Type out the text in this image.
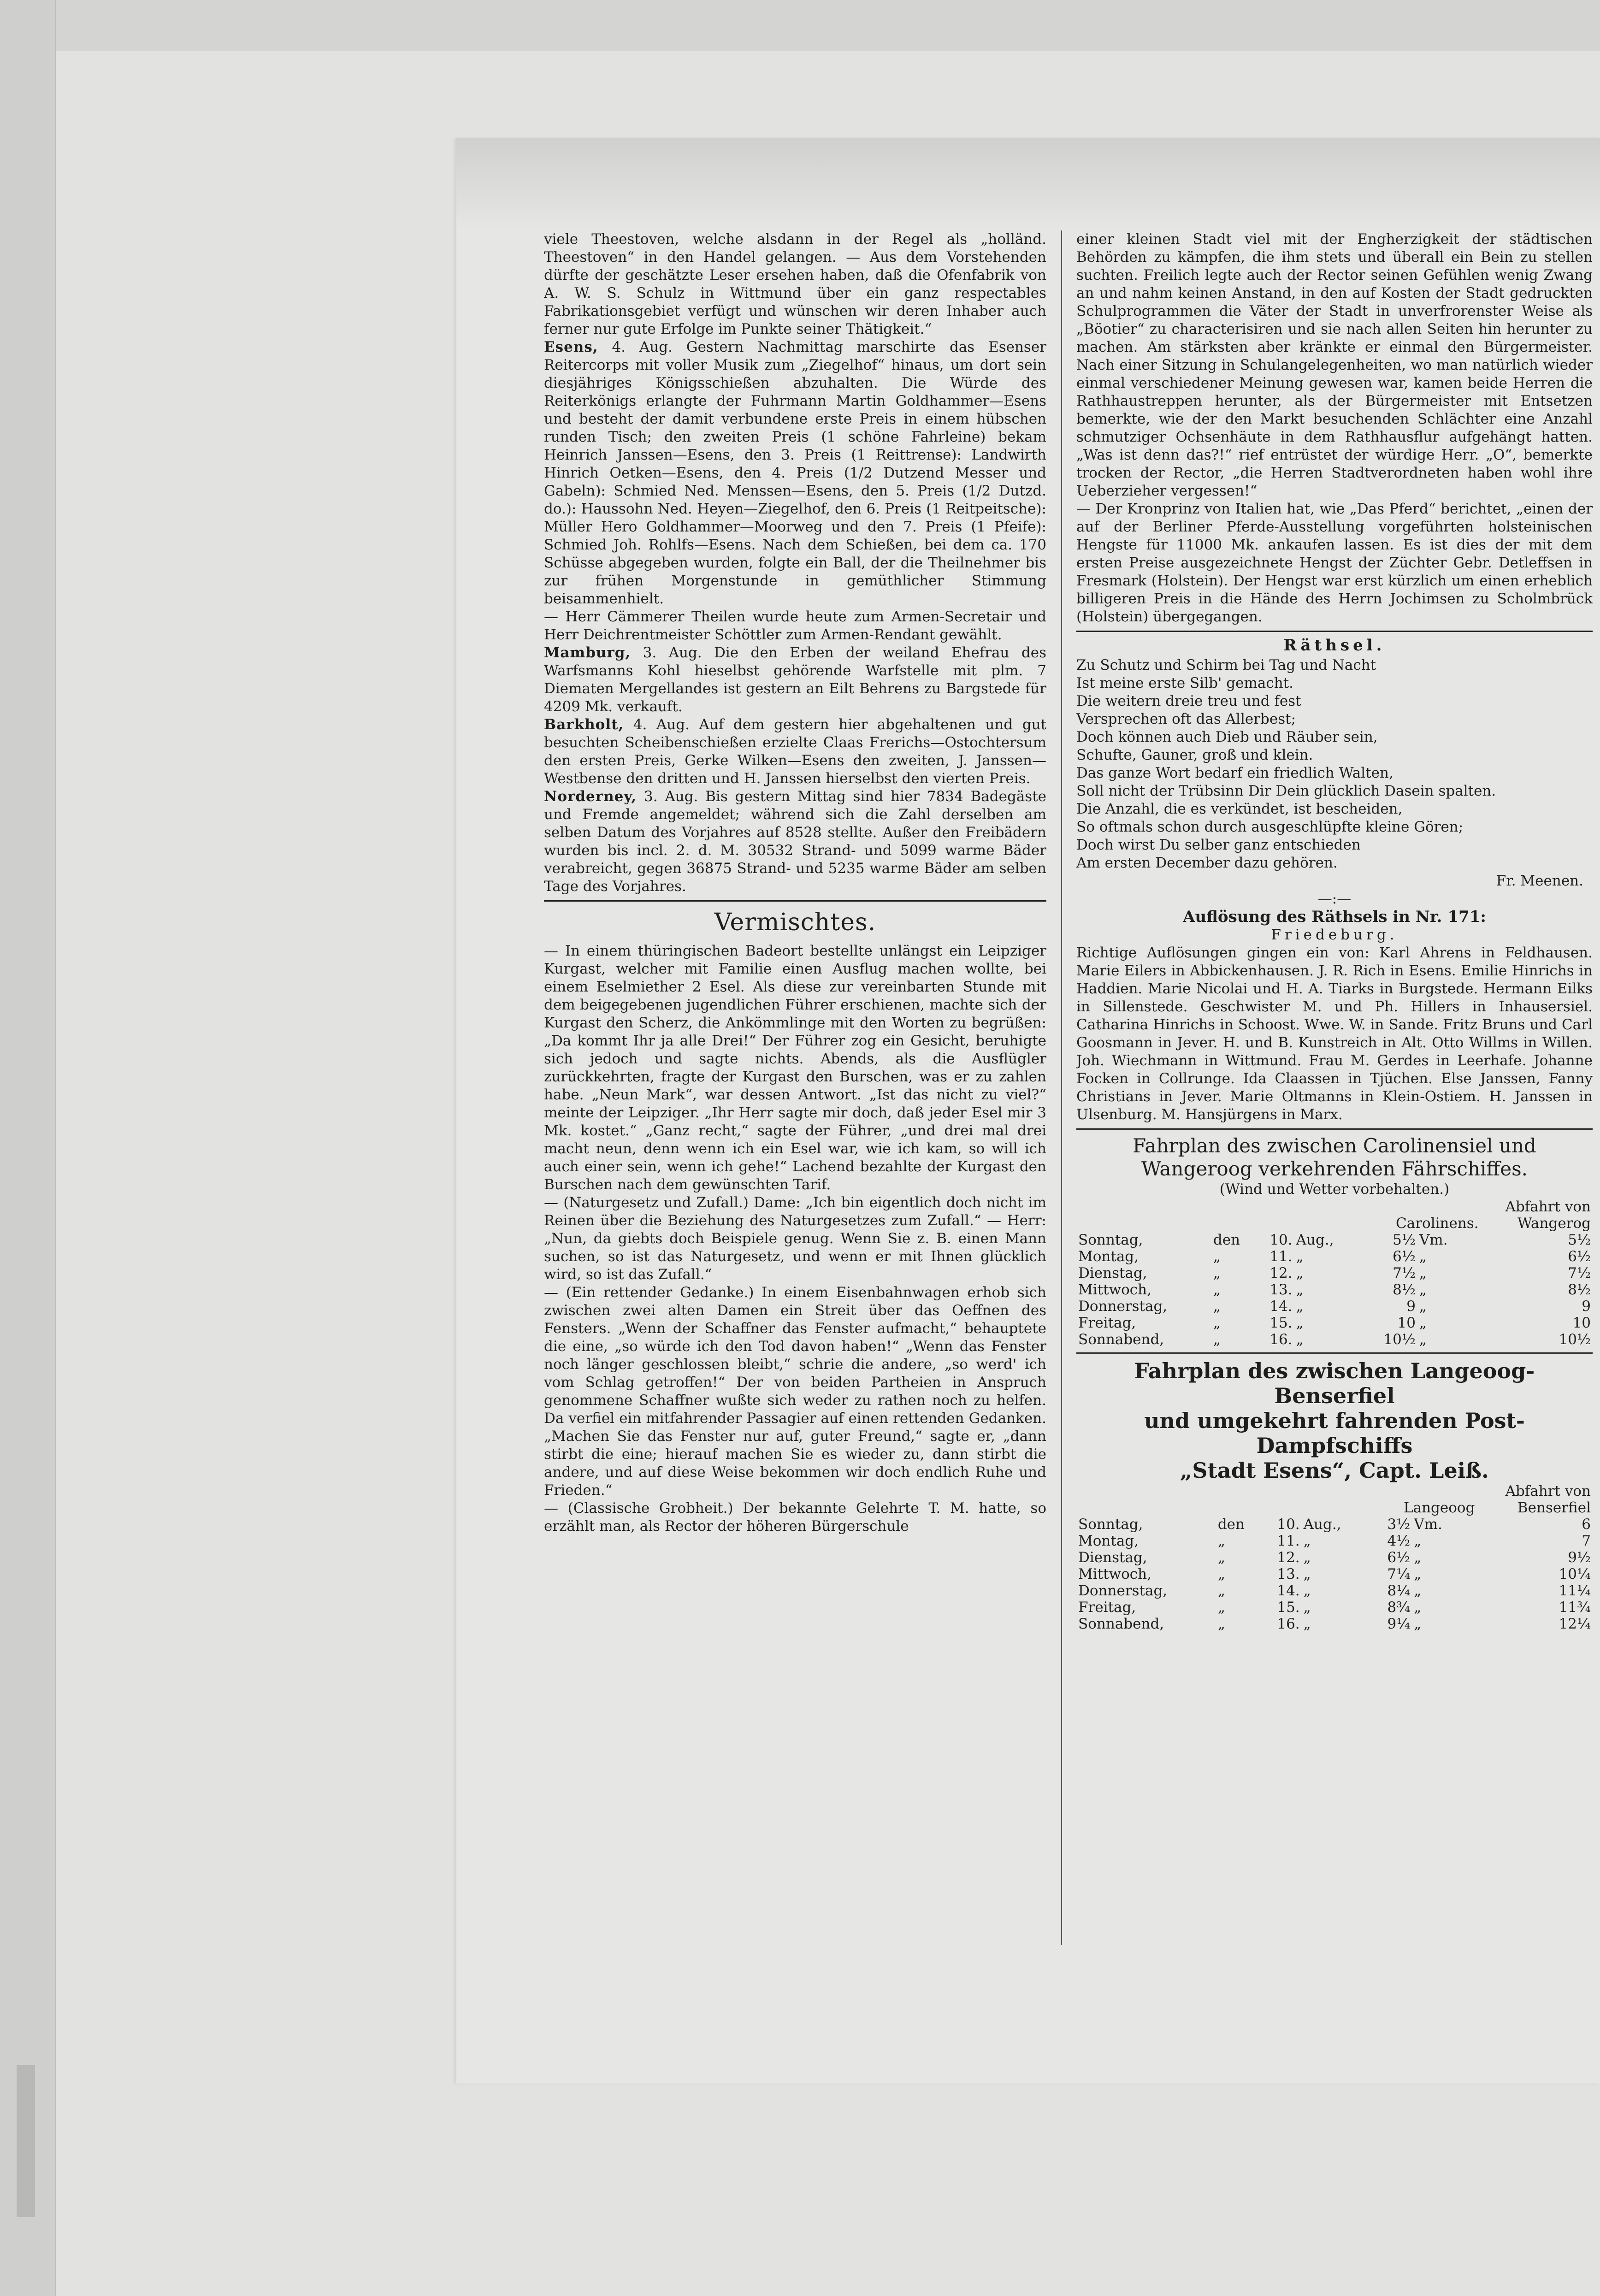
viele Theestoven, welche alsdann in der Regel als „holländ. Theestoven“ in den Handel gelangen. — Aus dem Vorstehenden dürfte der geschätzte Leser ersehen haben, daß die Ofenfabrik von A. W. S. Schulz in Wittmund über ein ganz respectables Fabrikationsgebiet verfügt und wünschen wir deren Inhaber auch ferner nur gute Erfolge im Punkte seiner Thätigkeit.“

Esens, 4. Aug. Gestern Nachmittag marschirte das Esenser Reitercorps mit voller Musik zum „Ziegelhof“ hinaus, um dort sein diesjähriges Königsschießen abzuhalten. Die Würde des Reiterkönigs erlangte der Fuhrmann Martin Goldhammer—Esens und besteht der damit verbundene erste Preis in einem hübschen runden Tisch; den zweiten Preis (1 schöne Fahrleine) bekam Heinrich Janssen—Esens, den 3. Preis (1 Reittrense): Landwirth Hinrich Oetken—Esens, den 4. Preis (1/2 Dutzend Messer und Gabeln): Schmied Ned. Menssen—Esens, den 5. Preis (1/2 Dutzd. do.): Haussohn Ned. Heyen—Ziegelhof, den 6. Preis (1 Reitpeitsche): Müller Hero Goldhammer—Moorweg und den 7. Preis (1 Pfeife): Schmied Joh. Rohlfs—Esens. Nach dem Schießen, bei dem ca. 170 Schüsse abgegeben wurden, folgte ein Ball, der die Theilnehmer bis zur frühen Morgenstunde in gemüthlicher Stimmung beisammenhielt.

— Herr Cämmerer Theilen wurde heute zum Armen-Secretair und Herr Deichrentmeister Schöttler zum Armen-Rendant gewählt.

Mamburg, 3. Aug. Die den Erben der weiland Ehefrau des Warfsmanns Kohl hieselbst gehörende Warfstelle mit plm. 7 Diematen Mergellandes ist gestern an Eilt Behrens zu Bargstede für 4209 Mk. verkauft.

Barkholt, 4. Aug. Auf dem gestern hier abgehaltenen und gut besuchten Scheibenschießen erzielte Claas Frerichs—Ostochtersum den ersten Preis, Gerke Wilken—Esens den zweiten, J. Janssen—Westbense den dritten und H. Janssen hierselbst den vierten Preis.

Norderney, 3. Aug. Bis gestern Mittag sind hier 7834 Badegäste und Fremde angemeldet; während sich die Zahl derselben am selben Datum des Vorjahres auf 8528 stellte. Außer den Freibädern wurden bis incl. 2. d. M. 30532 Strand- und 5099 warme Bäder verabreicht, gegen 36875 Strand- und 5235 warme Bäder am selben Tage des Vorjahres.

Vermischtes.

— In einem thüringischen Badeort bestellte unlängst ein Leipziger Kurgast, welcher mit Familie einen Ausflug machen wollte, bei einem Eselmiether 2 Esel. Als diese zur vereinbarten Stunde mit dem beigegebenen jugendlichen Führer erschienen, machte sich der Kurgast den Scherz, die Ankömmlinge mit den Worten zu begrüßen: „Da kommt Ihr ja alle Drei!“ Der Führer zog ein Gesicht, beruhigte sich jedoch und sagte nichts. Abends, als die Ausflügler zurückkehrten, fragte der Kurgast den Burschen, was er zu zahlen habe. „Neun Mark“, war dessen Antwort. „Ist das nicht zu viel?“ meinte der Leipziger. „Ihr Herr sagte mir doch, daß jeder Esel mir 3 Mk. kostet.“ „Ganz recht,“ sagte der Führer, „und drei mal drei macht neun, denn wenn ich ein Esel war, wie ich kam, so will ich auch einer sein, wenn ich gehe!“ Lachend bezahlte der Kurgast den Burschen nach dem gewünschten Tarif.

— (Naturgesetz und Zufall.) Dame: „Ich bin eigentlich doch nicht im Reinen über die Beziehung des Naturgesetzes zum Zufall.“ — Herr: „Nun, da giebts doch Beispiele genug. Wenn Sie z. B. einen Mann suchen, so ist das Naturgesetz, und wenn er mit Ihnen glücklich wird, so ist das Zufall.“

— (Ein rettender Gedanke.) In einem Eisenbahnwagen erhob sich zwischen zwei alten Damen ein Streit über das Oeffnen des Fensters. „Wenn der Schaffner das Fenster aufmacht,“ behauptete die eine, „so würde ich den Tod davon haben!“ „Wenn das Fenster noch länger geschlossen bleibt,“ schrie die andere, „so werd' ich vom Schlag getroffen!“ Der von beiden Partheien in Anspruch genommene Schaffner wußte sich weder zu rathen noch zu helfen. Da verfiel ein mitfahrender Passagier auf einen rettenden Gedanken. „Machen Sie das Fenster nur auf, guter Freund,“ sagte er, „dann stirbt die eine; hierauf machen Sie es wieder zu, dann stirbt die andere, und auf diese Weise bekommen wir doch endlich Ruhe und Frieden.“

— (Classische Grobheit.) Der bekannte Gelehrte T. M. hatte, so erzählt man, als Rector der höheren Bürgerschule

einer kleinen Stadt viel mit der Engherzigkeit der städtischen Behörden zu kämpfen, die ihm stets und überall ein Bein zu stellen suchten. Freilich legte auch der Rector seinen Gefühlen wenig Zwang an und nahm keinen Anstand, in den auf Kosten der Stadt gedruckten Schulprogrammen die Väter der Stadt in unverfrorenster Weise als „Böotier“ zu characterisiren und sie nach allen Seiten hin herunter zu machen. Am stärksten aber kränkte er einmal den Bürgermeister. Nach einer Sitzung in Schulangelegenheiten, wo man natürlich wieder einmal verschiedener Meinung gewesen war, kamen beide Herren die Rathhaustreppen herunter, als der Bürgermeister mit Entsetzen bemerkte, wie der den Markt besuchenden Schlächter eine Anzahl schmutziger Ochsenhäute in dem Rathhausflur aufgehängt hatten. „Was ist denn das?!“ rief entrüstet der würdige Herr. „O“, bemerkte trocken der Rector, „die Herren Stadtverordneten haben wohl ihre Ueberzieher vergessen!“

— Der Kronprinz von Italien hat, wie „Das Pferd“ berichtet, „einen der auf der Berliner Pferde-Ausstellung vorgeführten holsteinischen Hengste für 11000 Mk. ankaufen lassen. Es ist dies der mit dem ersten Preise ausgezeichnete Hengst der Züchter Gebr. Detleffsen in Fresmark (Holstein). Der Hengst war erst kürzlich um einen erheblich billigeren Preis in die Hände des Herrn Jochimsen zu Scholmbrück (Holstein) übergegangen.

Räthsel.

Zu Schutz und Schirm bei Tag und Nacht

Ist meine erste Silb' gemacht.

Die weitern dreie treu und fest

Versprechen oft das Allerbest;

Doch können auch Dieb und Räuber sein,

Schufte, Gauner, groß und klein.

Das ganze Wort bedarf ein friedlich Walten,

Soll nicht der Trübsinn Dir Dein glücklich Dasein spalten.

Die Anzahl, die es verkündet, ist bescheiden,

So oftmals schon durch ausgeschlüpfte kleine Gören;

Doch wirst Du selber ganz entschieden

Am ersten December dazu gehören.

Fr. Meenen.

—:—

Auflösung des Räthsels in Nr. 171:

Friedeburg.

Richtige Auflösungen gingen ein von: Karl Ahrens in Feldhausen. Marie Eilers in Abbickenhausen. J. R. Rich in Esens. Emilie Hinrichs in Haddien. Marie Nicolai und H. A. Tiarks in Burgstede. Hermann Eilks in Sillenstede. Geschwister M. und Ph. Hillers in Inhausersiel. Catharina Hinrichs in Schoost. Wwe. W. in Sande. Fritz Bruns und Carl Goosmann in Jever. H. und B. Kunstreich in Alt. Otto Willms in Willen. Joh. Wiechmann in Wittmund. Frau M. Gerdes in Leerhafe. Johanne Focken in Collrunge. Ida Claassen in Tjüchen. Else Janssen, Fanny Christians in Jever. Marie Oltmanns in Klein-Ostiem. H. Janssen in Ulsenburg. M. Hansjürgens in Marx.

Fahrplan des zwischen Carolinensiel und
Wangeroog verkehrenden Fährschiffes.

(Wind und Wetter vorbehalten.)

					Abfahrt von		
				Carolinens.			Wangerog
Sonntag,	den	10.	Aug.,	5½	Vm.		5½
Montag,	„	11.	„	6½	„		6½
Dienstag,	„	12.	„	7½	„		7½
Mittwoch,	„	13.	„	8½	„		8½
Donnerstag,	„	14.	„	9	„		9
Freitag,	„	15.	„	10	„		10
Sonnabend,	„	16.	„	10½	„		10½
Fahrplan des zwischen Langeoog-Benserfiel
und umgekehrt fahrenden Post-Dampfschiffs
„Stadt Esens“, Capt. Leiß.
					Abfahrt von		
				Langeoog			Benserfiel
Sonntag,	den	10.	Aug.,	3½	Vm.		6
Montag,	„	11.	„	4½	„		7
Dienstag,	„	12.	„	6½	„		9½
Mittwoch,	„	13.	„	7¼	„		10¼
Donnerstag,	„	14.	„	8¼	„		11¼
Freitag,	„	15.	„	8¾	„		11¾
Sonnabend,	„	16.	„	9¼	„		12¼
